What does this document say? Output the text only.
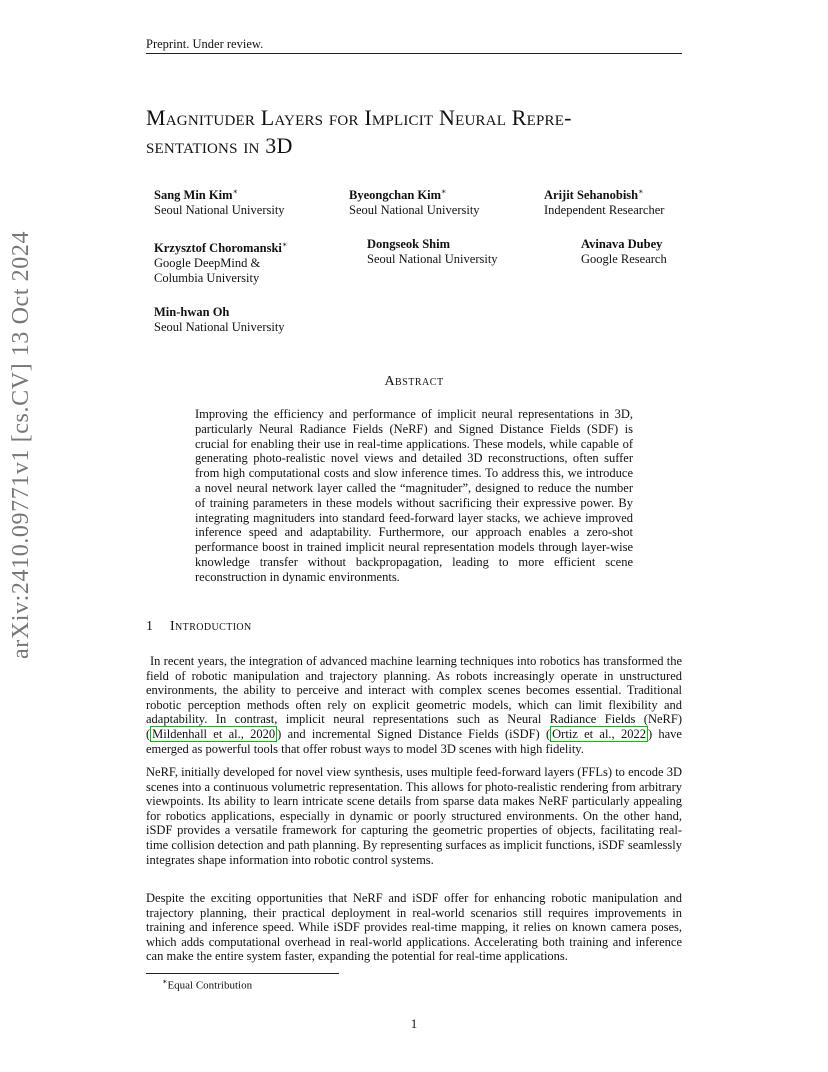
Preprint. Under review.
arXiv:2410.09771v1 [cs.CV] 13 Oct 2024
Magnituder Layers for Implicit Neural Repre-
sentations in 3D
Sang Min Kim∗
Seoul National University
Byeongchan Kim∗
Seoul National University
Arijit Sehanobish∗
Independent Researcher
Krzysztof Choromanski∗
Google DeepMind &
Columbia University
Dongseok Shim
Seoul National University
Avinava Dubey
Google Research
Min-hwan Oh
Seoul National University
Abstract
Improving the efficiency and performance of implicit neural representations in 3D, particularly Neural Radiance Fields (NeRF) and Signed Distance Fields (SDF) is crucial for enabling their use in real-time applications. These models, while capable of generating photo-realistic novel views and detailed 3D reconstructions, often suffer from high computational costs and slow inference times. To address this, we introduce a novel neural network layer called the “magnituder”, designed to reduce the number of training parameters in these models without sacrificing their expressive power. By integrating magnituders into standard feed-forward layer stacks, we achieve improved inference speed and adaptability. Furthermore, our approach enables a zero-shot performance boost in trained implicit neural representation models through layer-wise knowledge transfer without backpropagation, leading to more efficient scene reconstruction in dynamic environments.
1 Introduction
In recent years, the integration of advanced machine learning techniques into robotics has transformed the field of robotic manipulation and trajectory planning. As robots increasingly operate in unstructured environments, the ability to perceive and interact with complex scenes becomes essential. Traditional robotic perception methods often rely on explicit geometric models, which can limit flexibility and adaptability. In contrast, implicit neural representations such as Neural Radiance Fields (NeRF) ( Mildenhall et al., 2020 ) and incremental Signed Distance Fields (iSDF) ( Ortiz et al., 2022 ) have emerged as powerful tools that offer robust ways to model 3D scenes with high fidelity.
NeRF, initially developed for novel view synthesis, uses multiple feed-forward layers (FFLs) to encode 3D scenes into a continuous volumetric representation. This allows for photo-realistic rendering from arbitrary viewpoints. Its ability to learn intricate scene details from sparse data makes NeRF particularly appealing for robotics applications, especially in dynamic or poorly structured environments. On the other hand, iSDF provides a versatile framework for capturing the geometric properties of objects, facilitating real-time collision detection and path planning. By representing surfaces as implicit functions, iSDF seamlessly integrates shape information into robotic control systems.
Despite the exciting opportunities that NeRF and iSDF offer for enhancing robotic manipulation and trajectory planning, their practical deployment in real-world scenarios still requires improvements in training and inference speed. While iSDF provides real-time mapping, it relies on known camera poses, which adds computational overhead in real-world applications. Accelerating both training and inference can make the entire system faster, expanding the potential for real-time applications.
∗Equal Contribution
1
